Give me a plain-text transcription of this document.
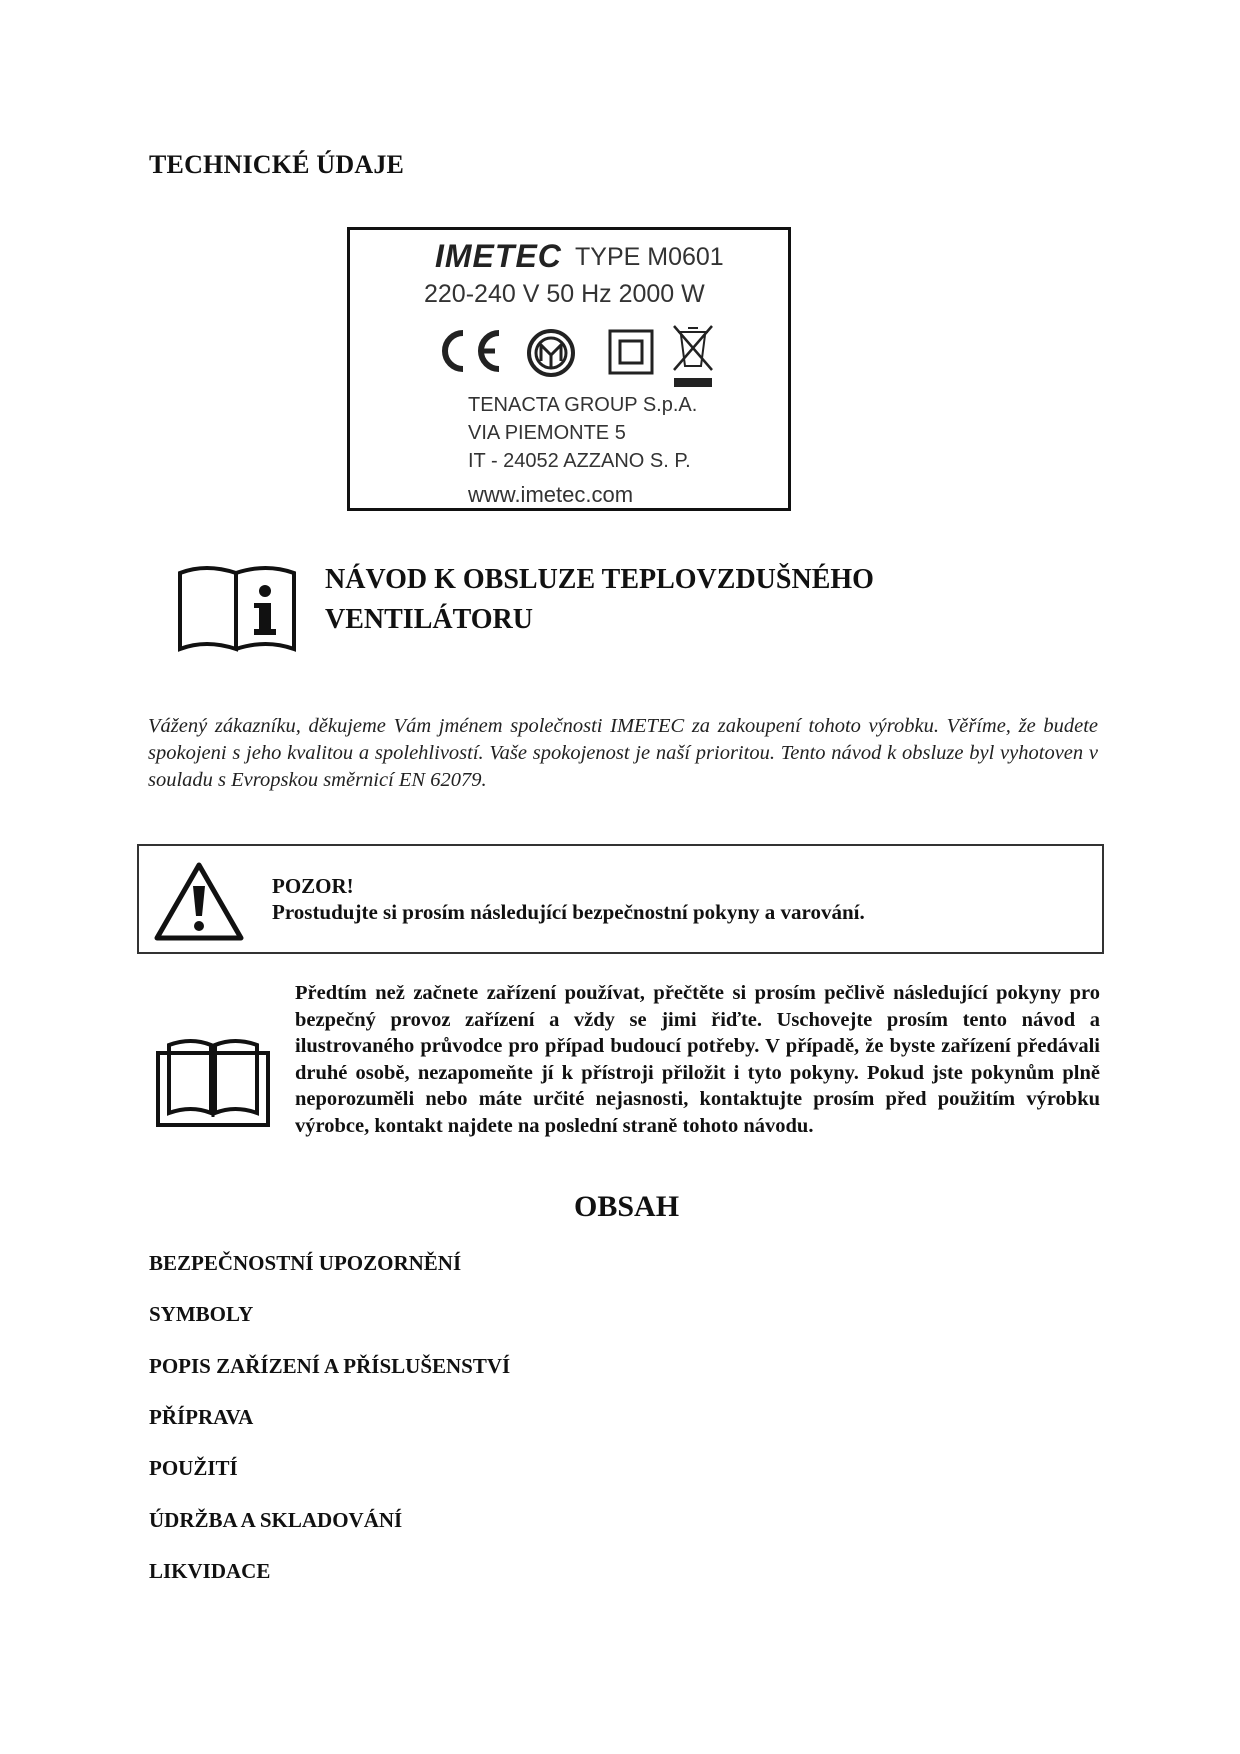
TECHNICKÉ ÚDAJE
IMETEC TYPE M0601
220-240 V 50 Hz 2000 W
TENACTA GROUP S.p.A.
VIA PIEMONTE 5
IT - 24052 AZZANO S. P.
www.imetec.com
NÁVOD K OBSLUZE TEPLOVZDUŠNÉHO
VENTILÁTORU
Vážený zákazníku, děkujeme Vám jménem společnosti IMETEC za zakoupení tohoto výrobku. Věříme, že budete spokojeni s jeho kvalitou a spolehlivostí. Vaše spokojenost je naší prioritou. Tento návod k obsluze byl vyhotoven v souladu s Evropskou směrnicí EN 62079.
POZOR!
Prostudujte si prosím následující bezpečnostní pokyny a varování.
Předtím než začnete zařízení používat, přečtěte si prosím pečlivě následující pokyny pro bezpečný provoz zařízení a vždy se jimi řiďte. Uschovejte prosím tento návod a ilustrovaného průvodce pro případ budoucí potřeby. V případě, že byste zařízení předávali druhé osobě, nezapomeňte jí k přístroji přiložit i tyto pokyny. Pokud jste pokynům plně neporozuměli nebo máte určité nejasnosti, kontaktujte prosím před použitím výrobku výrobce, kontakt najdete na poslední straně tohoto návodu.
OBSAH
BEZPEČNOSTNÍ UPOZORNĚNÍ
SYMBOLY
POPIS ZAŘÍZENÍ A PŘÍSLUŠENSTVÍ
PŘÍPRAVA
POUŽITÍ
ÚDRŽBA A SKLADOVÁNÍ
LIKVIDACE
